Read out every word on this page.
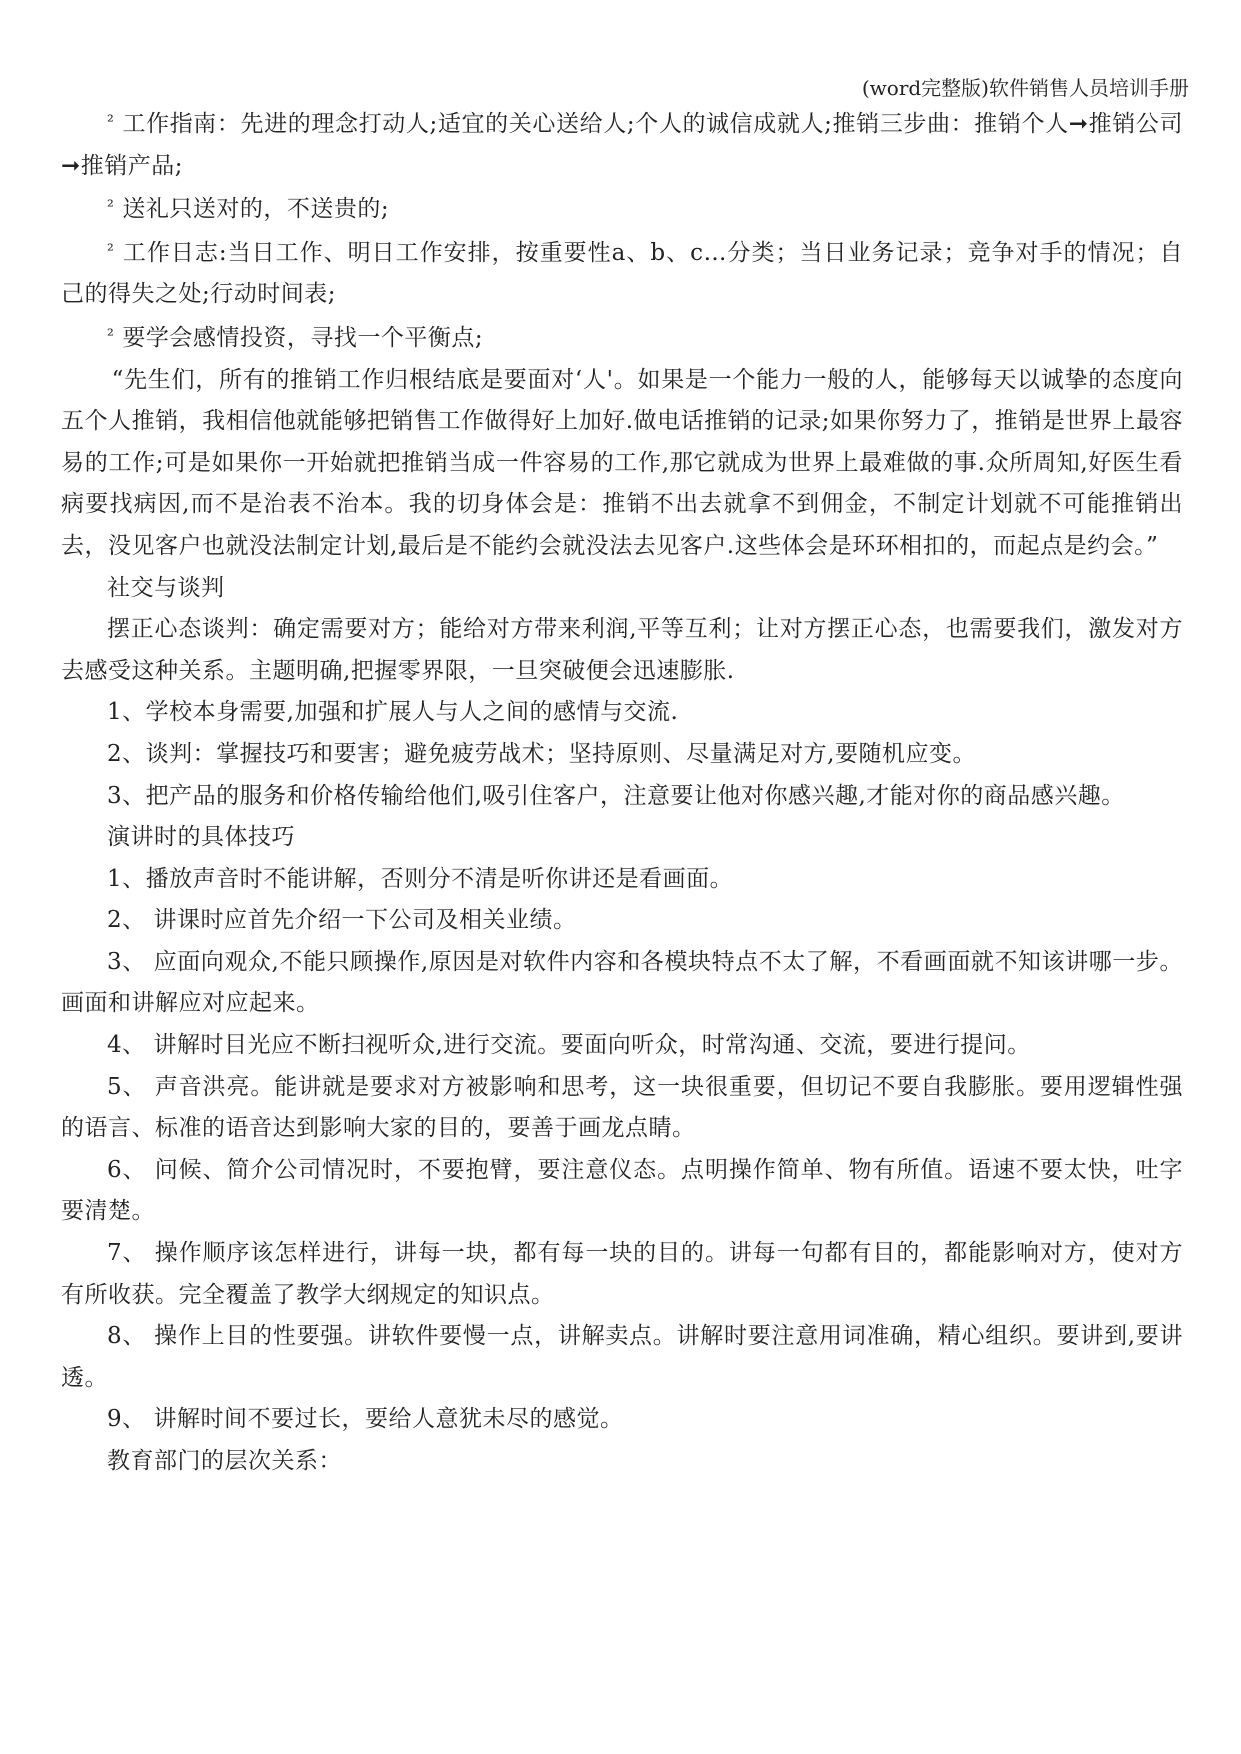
(word完整版)软件销售人员培训手册

² 工作指南：先进的理念打动人;适宜的关心送给人;个人的诚信成就人;推销三步曲：推销个人➞推销公司➞推销产品;

² 送礼只送对的，不送贵的;

² 工作日志:当日工作、明日工作安排，按重要性a、b、c…分类；当日业务记录；竞争对手的情况；自己的得失之处;行动时间表;

² 要学会感情投资，寻找一个平衡点;

“先生们，所有的推销工作归根结底是要面对‘人'。如果是一个能力一般的人，能够每天以诚挚的态度向五个人推销，我相信他就能够把销售工作做得好上加好.做电话推销的记录;如果你努力了，推销是世界上最容易的工作;可是如果你一开始就把推销当成一件容易的工作,那它就成为世界上最难做的事.众所周知,好医生看病要找病因,而不是治表不治本。我的切身体会是：推销不出去就拿不到佣金，不制定计划就不可能推销出去，没见客户也就没法制定计划,最后是不能约会就没法去见客户.这些体会是环环相扣的，而起点是约会。”

社交与谈判

摆正心态谈判：确定需要对方；能给对方带来利润,平等互利；让对方摆正心态，也需要我们，激发对方去感受这种关系。主题明确,把握零界限，一旦突破便会迅速膨胀.

1、学校本身需要,加强和扩展人与人之间的感情与交流.

2、谈判：掌握技巧和要害；避免疲劳战术；坚持原则、尽量满足对方,要随机应变。

3、把产品的服务和价格传输给他们,吸引住客户，注意要让他对你感兴趣,才能对你的商品感兴趣。

演讲时的具体技巧

1、播放声音时不能讲解，否则分不清是听你讲还是看画面。

2、 讲课时应首先介绍一下公司及相关业绩。

3、 应面向观众,不能只顾操作,原因是对软件内容和各模块特点不太了解，不看画面就不知该讲哪一步。画面和讲解应对应起来。

4、 讲解时目光应不断扫视听众,进行交流。要面向听众，时常沟通、交流，要进行提问。

5、 声音洪亮。能讲就是要求对方被影响和思考，这一块很重要，但切记不要自我膨胀。要用逻辑性强的语言、标准的语音达到影响大家的目的，要善于画龙点睛。

6、 问候、简介公司情况时，不要抱臂，要注意仪态。点明操作简单、物有所值。语速不要太快，吐字要清楚。

7、 操作顺序该怎样进行，讲每一块，都有每一块的目的。讲每一句都有目的，都能影响对方，使对方有所收获。完全覆盖了教学大纲规定的知识点。

8、 操作上目的性要强。讲软件要慢一点，讲解卖点。讲解时要注意用词准确，精心组织。要讲到,要讲透。

9、 讲解时间不要过长，要给人意犹未尽的感觉。

教育部门的层次关系：
